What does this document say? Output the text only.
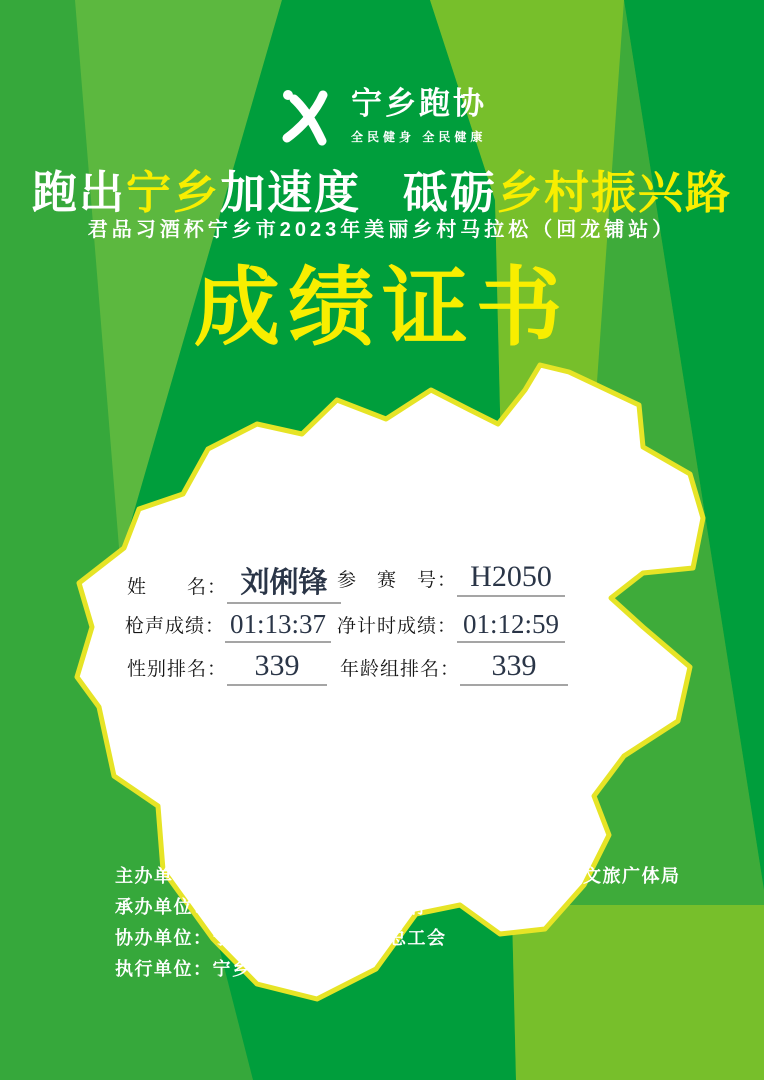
宁乡跑协
全民健身 全民健康
跑出宁乡加速度 砥砺乡村振兴路
君品习酒杯宁乡市2023年美丽乡村马拉松（回龙铺站）
成绩证书
姓　　名： 刘俐锋 参　赛　号： H2050
枪声成绩： 01:13:37 净计时成绩： 01:12:59
性别排名： 339	年龄组排名：	339
主办单位： 宁乡市总工会、宁乡市农业农村局、宁乡市文旅广体局
承办单位： 宁乡市回龙铺镇人民政府
协办单位： 宁乡经济技术开发区总工会
执行单位： 宁乡市跑步协会
